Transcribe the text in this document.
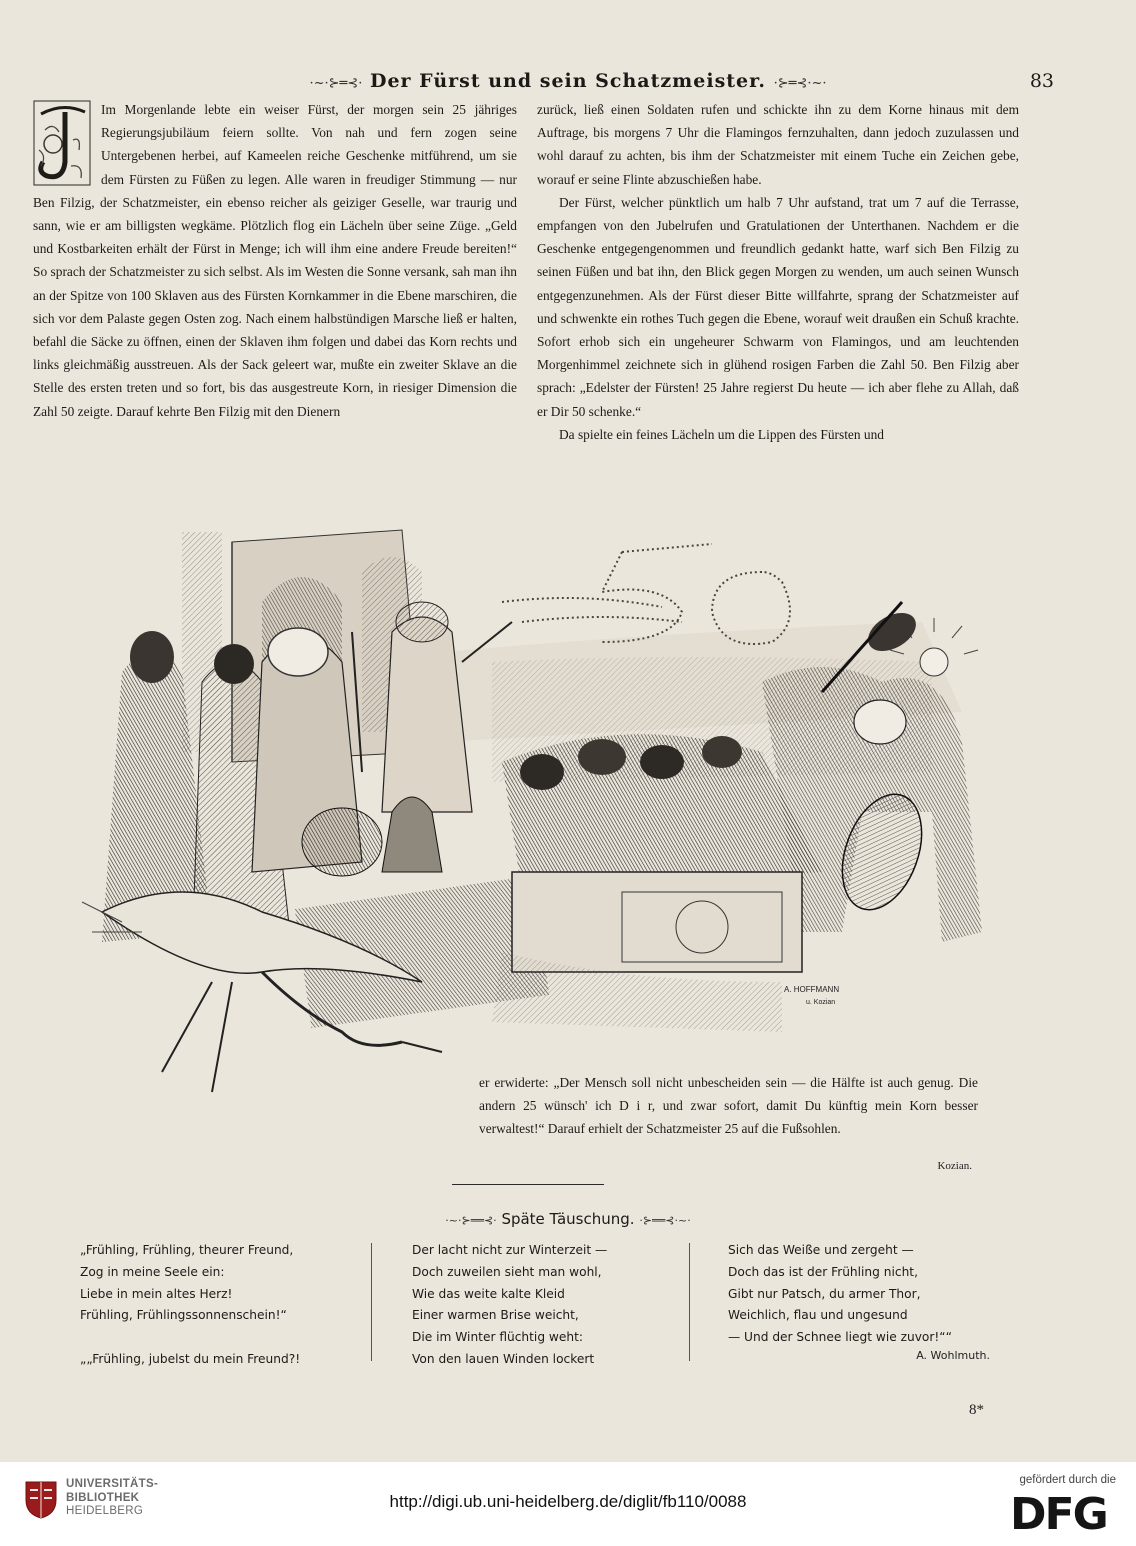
·~·⊱═⊰· Der Fürst und sein Schatzmeister. ·⊱═⊰·~·	83

Im Morgenlande lebte ein weiser Fürst, der morgen sein 25 jähriges Regierungsjubiläum feiern sollte. Von nah und fern zogen seine Untergebenen herbei, auf Kameelen reiche Geschenke mitführend, um sie dem Fürsten zu Füßen zu legen. Alle waren in freudiger Stimmung — nur Ben Filzig, der Schatzmeister, ein ebenso reicher als geiziger Geselle, war traurig und sann, wie er am billigsten wegkäme. Plötzlich flog ein Lächeln über seine Züge. „Geld und Kostbarkeiten erhält der Fürst in Menge; ich will ihm eine andere Freude bereiten!“ So sprach der Schatzmeister zu sich selbst. Als im Westen die Sonne versank, sah man ihn an der Spitze von 100 Sklaven aus des Fürsten Kornkammer in die Ebene marschiren, die sich vor dem Palaste gegen Osten zog. Nach einem halbstündigen Marsche ließ er halten, befahl die Säcke zu öffnen, einen der Sklaven ihm folgen und dabei das Korn rechts und links gleichmäßig ausstreuen. Als der Sack geleert war, mußte ein zweiter Sklave an die Stelle des ersten treten und so fort, bis das ausgestreute Korn, in riesiger Dimension die Zahl 50 zeigte. Darauf kehrte Ben Filzig mit den Dienern

zurück, ließ einen Soldaten rufen und schickte ihn zu dem Korne hinaus mit dem Auftrage, bis morgens 7 Uhr die Flamingos fernzuhalten, dann jedoch zuzulassen und wohl darauf zu achten, bis ihm der Schatzmeister mit einem Tuche ein Zeichen gebe, worauf er seine Flinte abzuschießen habe.

Der Fürst, welcher pünktlich um halb 7 Uhr aufstand, trat um 7 auf die Terrasse, empfangen von den Jubelrufen und Gratulationen der Unterthanen. Nachdem er die Geschenke entgegengenommen und freundlich gedankt hatte, warf sich Ben Filzig zu seinen Füßen und bat ihn, den Blick gegen Morgen zu wenden, um auch seinen Wunsch entgegenzunehmen. Als der Fürst dieser Bitte willfahrte, sprang der Schatzmeister auf und schwenkte ein rothes Tuch gegen die Ebene, worauf weit draußen ein Schuß krachte. Sofort erhob sich ein ungeheurer Schwarm von Flamingos, und am leuchtenden Morgenhimmel zeichnete sich in glühend rosigen Farben die Zahl 50. Ben Filzig aber sprach: „Edelster der Fürsten! 25 Jahre regierst Du heute — ich aber flehe zu Allah, daß er Dir 50 schenke.“

Da spielte ein feines Lächeln um die Lippen des Fürsten und

A. HOFFMANN
u. Kozian

er erwiderte: „Der Mensch soll nicht unbescheiden sein — die Hälfte ist auch genug. Die andern 25 wünsch' ich D i r, und zwar sofort, damit Du künftig mein Korn besser verwaltest!“ Darauf erhielt der Schatzmeister 25 auf die Fußsohlen.

Kozian.
·~·⊱══⊰· Späte Täuschung. ·⊱══⊰·~·
„Frühling, Frühling, theurer Freund,
Zog in meine Seele ein:
Liebe in mein altes Herz!
Frühling, Frühlingssonnenschein!“

„„Frühling, jubelst du mein Freund?!
Der lacht nicht zur Winterzeit —
Doch zuweilen sieht man wohl,
Wie das weite kalte Kleid
Einer warmen Brise weicht,
Die im Winter flüchtig weht:
Von den lauen Winden lockert
Sich das Weiße und zergeht —
Doch das ist der Frühling nicht,
Gibt nur Patsch, du armer Thor,
Weichlich, flau und ungesund
— Und der Schnee liegt wie zuvor!““
A. Wohlmuth.
8*
UNIVERSITÄTS-
BIBLIOTHEK
HEIDELBERG	http://digi.ub.uni-heidelberg.de/diglit/fb110/0088
gefördert durch die
DFG
